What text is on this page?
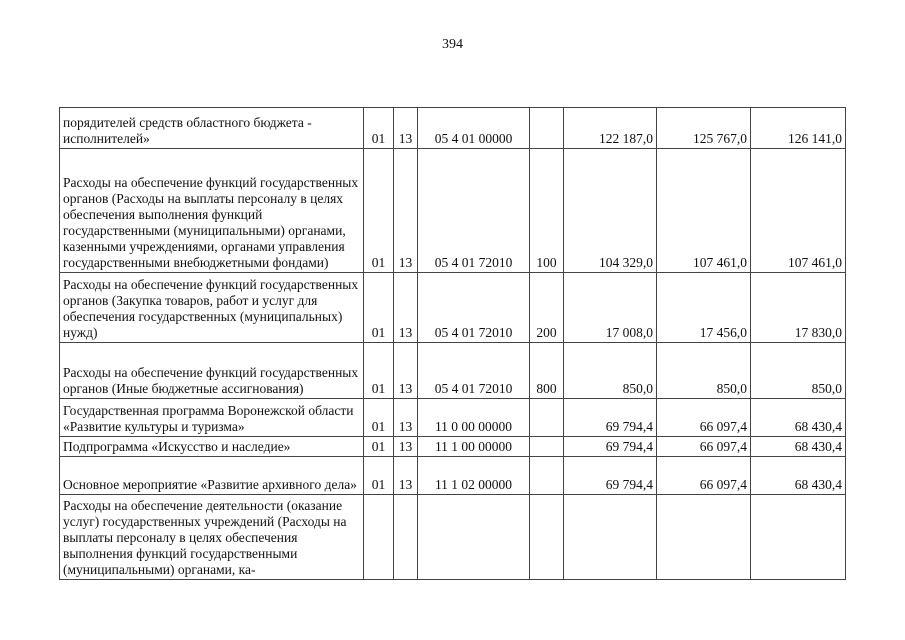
394
порядителей средств областного бюджета - исполнителей»	01	13	05 4 01 00000		122 187,0	125 767,0	126 141,0
Расходы на обеспечение функций государственных органов (Расходы на выплаты персоналу в целях обеспечения выполнения функций государственными (муниципальными) органами, казенными учреждениями, органами управления государственными внебюджетными фондами)	01	13	05 4 01 72010	100	104 329,0	107 461,0	107 461,0
Расходы на обеспечение функций государственных органов (Закупка товаров, работ и услуг для обеспечения государственных (муниципальных) нужд)	01	13	05 4 01 72010	200	17 008,0	17 456,0	17 830,0
Расходы на обеспечение функций государственных органов (Иные бюджетные ассигнования)	01	13	05 4 01 72010	800	850,0	850,0	850,0
Государственная программа Воронежской области «Развитие культуры и туризма»	01	13	11 0 00 00000		69 794,4	66 097,4	68 430,4
Подпрограмма «Искусство и наследие»	01	13	11 1 00 00000		69 794,4	66 097,4	68 430,4
Основное мероприятие «Развитие архивного дела»	01	13	11 1 02 00000		69 794,4	66 097,4	68 430,4
Расходы на обеспечение деятельности (оказание услуг) государственных учреждений (Расходы на выплаты персоналу в целях обеспечения выполнения функций государственными (муниципальными) органами, ка-							
